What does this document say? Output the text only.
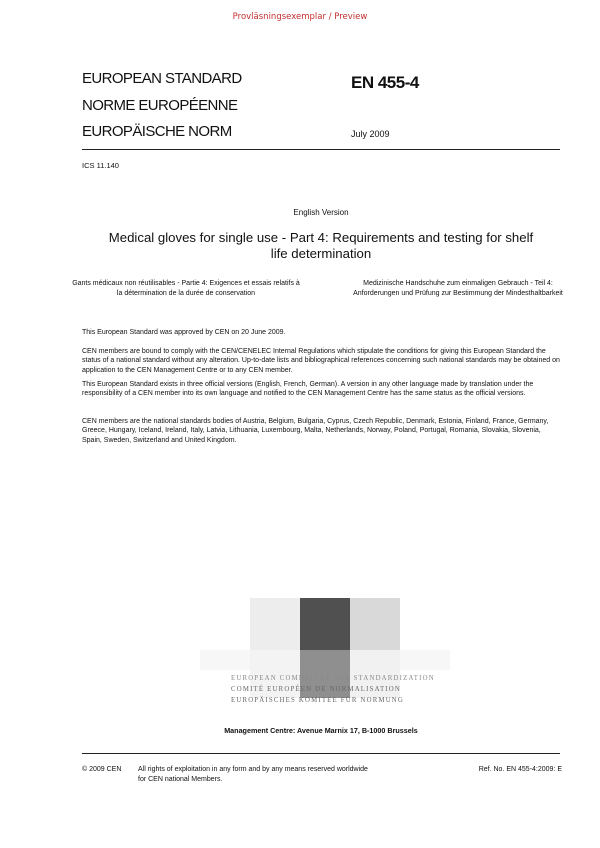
Provläsningsexemplar / Preview
EUROPEAN STANDARD
NORME EUROPÉENNE
EUROPÄISCHE NORM
EN 455-4
July 2009
ICS 11.140
English Version
Medical gloves for single use - Part 4: Requirements and testing for shelf life determination
Gants médicaux non réutilisables - Partie 4: Exigences et essais relatifs à la détermination de la durée de conservation
Medizinische Handschuhe zum einmaligen Gebrauch - Teil 4: Anforderungen und Prüfung zur Bestimmung der Mindesthaltbarkeit
This European Standard was approved by CEN on 20 June 2009.
CEN members are bound to comply with the CEN/CENELEC Internal Regulations which stipulate the conditions for giving this European Standard the status of a national standard without any alteration. Up-to-date lists and bibliographical references concerning such national standards may be obtained on application to the CEN Management Centre or to any CEN member.
This European Standard exists in three official versions (English, French, German). A version in any other language made by translation under the responsibility of a CEN member into its own language and notified to the CEN Management Centre has the same status as the official versions.
CEN members are the national standards bodies of Austria, Belgium, Bulgaria, Cyprus, Czech Republic, Denmark, Estonia, Finland, France, Germany, Greece, Hungary, Iceland, Ireland, Italy, Latvia, Lithuania, Luxembourg, Malta, Netherlands, Norway, Poland, Portugal, Romania, Slovakia, Slovenia, Spain, Sweden, Switzerland and United Kingdom.
EUROPEAN COMMITTEE FOR STANDARDIZATION
COMITÉ EUROPÉEN DE NORMALISATION
EUROPÄISCHES KOMITEE FÜR NORMUNG
Management Centre: Avenue Marnix 17, B-1000 Brussels
© 2009 CEN All rights of exploitation in any form and by any means reserved worldwide for CEN national Members.
Ref. No. EN 455-4:2009: E
